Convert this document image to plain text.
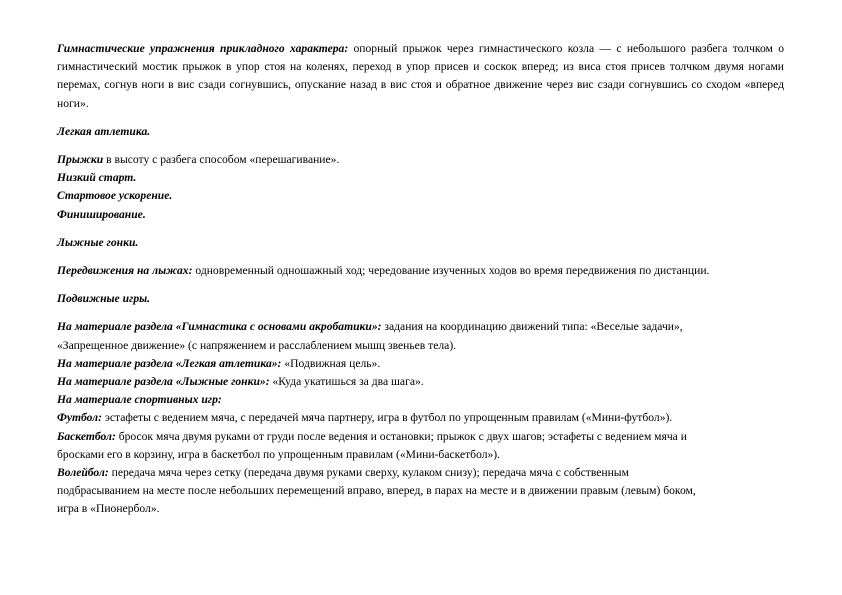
Гимнастические упражнения прикладного характера: опорный прыжок через гимнастического козла — с небольшого разбега толчком о гимнастический мостик прыжок в упор стоя на коленях, переход в упор присев и соскок вперед; из виса стоя присев толчком двумя ногами перемах, согнув ноги в вис сзади согнувшись, опускание назад в вис стоя и обратное движение через вис сзади согнувшись со сходом «вперед ноги».

Легкая атлетика.

Прыжки в высоту с разбега способом «перешагивание».

Низкий старт.

Стартовое ускорение.

Финиширование.

Лыжные гонки.

Передвижения на лыжах: одновременный одношажный ход; чередование изученных ходов во время передвижения по дистанции.

Подвижные игры.

На материале раздела «Гимнастика с основами акробатики»: задания на координацию движений типа: «Веселые задачи»,

«Запрещенное движение» (с напряжением и расслаблением мышц звеньев тела).

На материале раздела «Легкая атлетика»: «Подвижная цель».

На материале раздела «Лыжные гонки»: «Куда укатишься за два шага».

На материале спортивных игр:

Футбол: эстафеты с ведением мяча, с передачей мяча партнеру, игра в футбол по упрощенным правилам («Мини-футбол»).

Баскетбол: бросок мяча двумя руками от груди после ведения и остановки; прыжок с двух шагов; эстафеты с ведением мяча и

бросками его в корзину, игра в баскетбол по упрощенным правилам («Мини-баскетбол»).

Волейбол: передача мяча через сетку (передача двумя руками сверху, кулаком снизу); передача мяча с собственным

подбрасыванием на месте после небольших перемещений вправо, вперед, в парах на месте и в движении правым (левым) боком,

игра в «Пионербол».
